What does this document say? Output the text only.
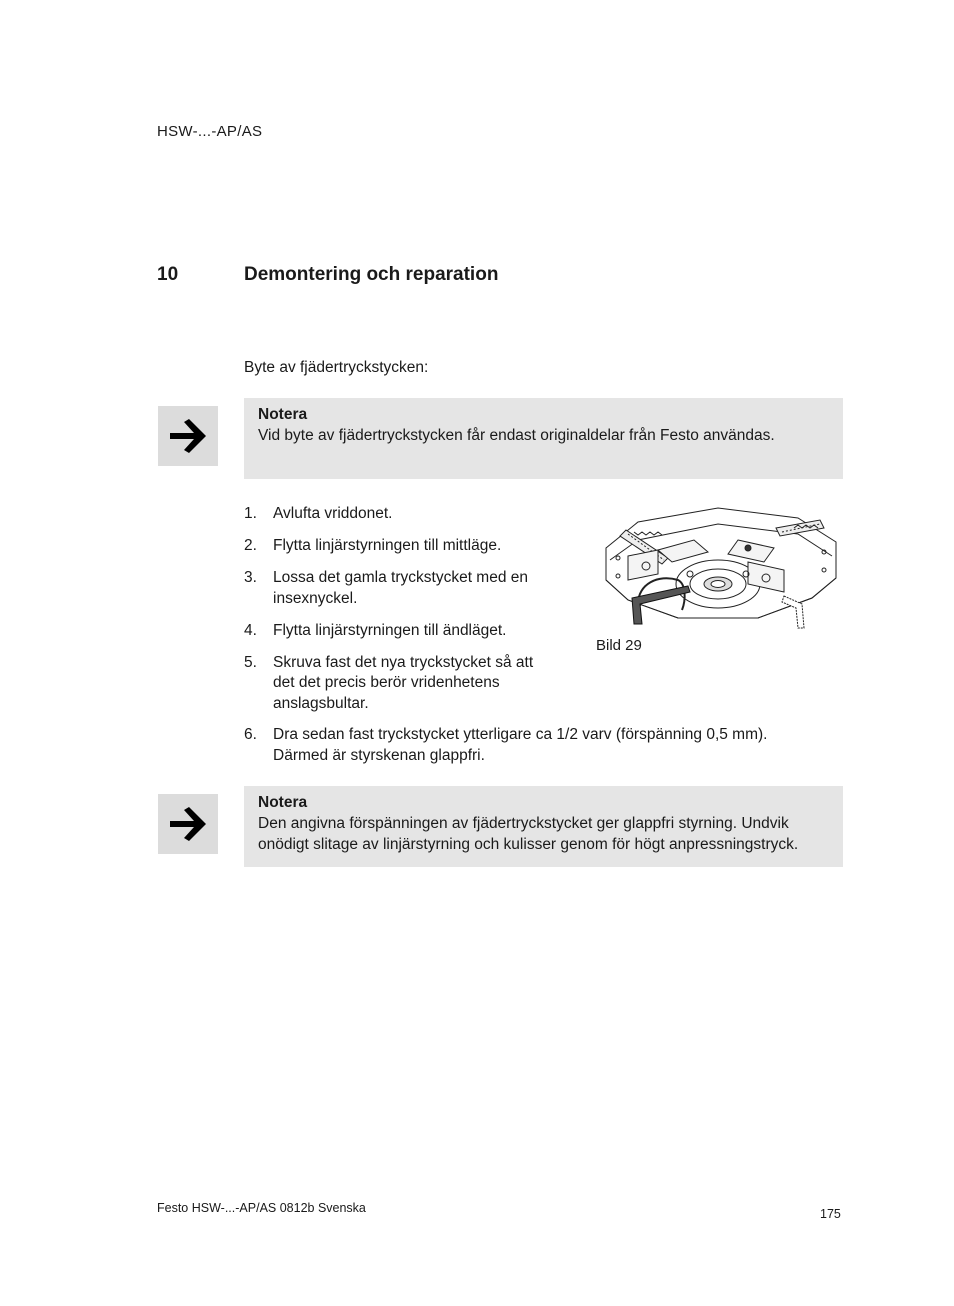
HSW-...-AP/AS
10	Demontering och reparation
Byte av fjädertryckstycken:
Notera
Vid byte av fjädertryckstycken får endast originaldelar från Festo användas.
1. Avlufta vriddonet.
2. Flytta linjärstyrningen till mittläge.
3. Lossa det gamla tryckstycket med en insexnyckel.
4. Flytta linjärstyrningen till ändläget.
5. Skruva fast det nya tryckstycket så att det det precis berör vridenhetens anslagsbultar.
6. Dra sedan fast tryckstycket ytterligare ca 1/2 varv (förspänning 0,5 mm). Därmed är styrskenan glappfri.
Bild 29
Notera
Den angivna förspänningen av fjädertryckstycket ger glappfri styrning. Undvik onödigt slitage av linjärstyrning och kulisser genom för högt anpressningstryck.
Festo HSW-...-AP/AS 0812b Svenska	175
